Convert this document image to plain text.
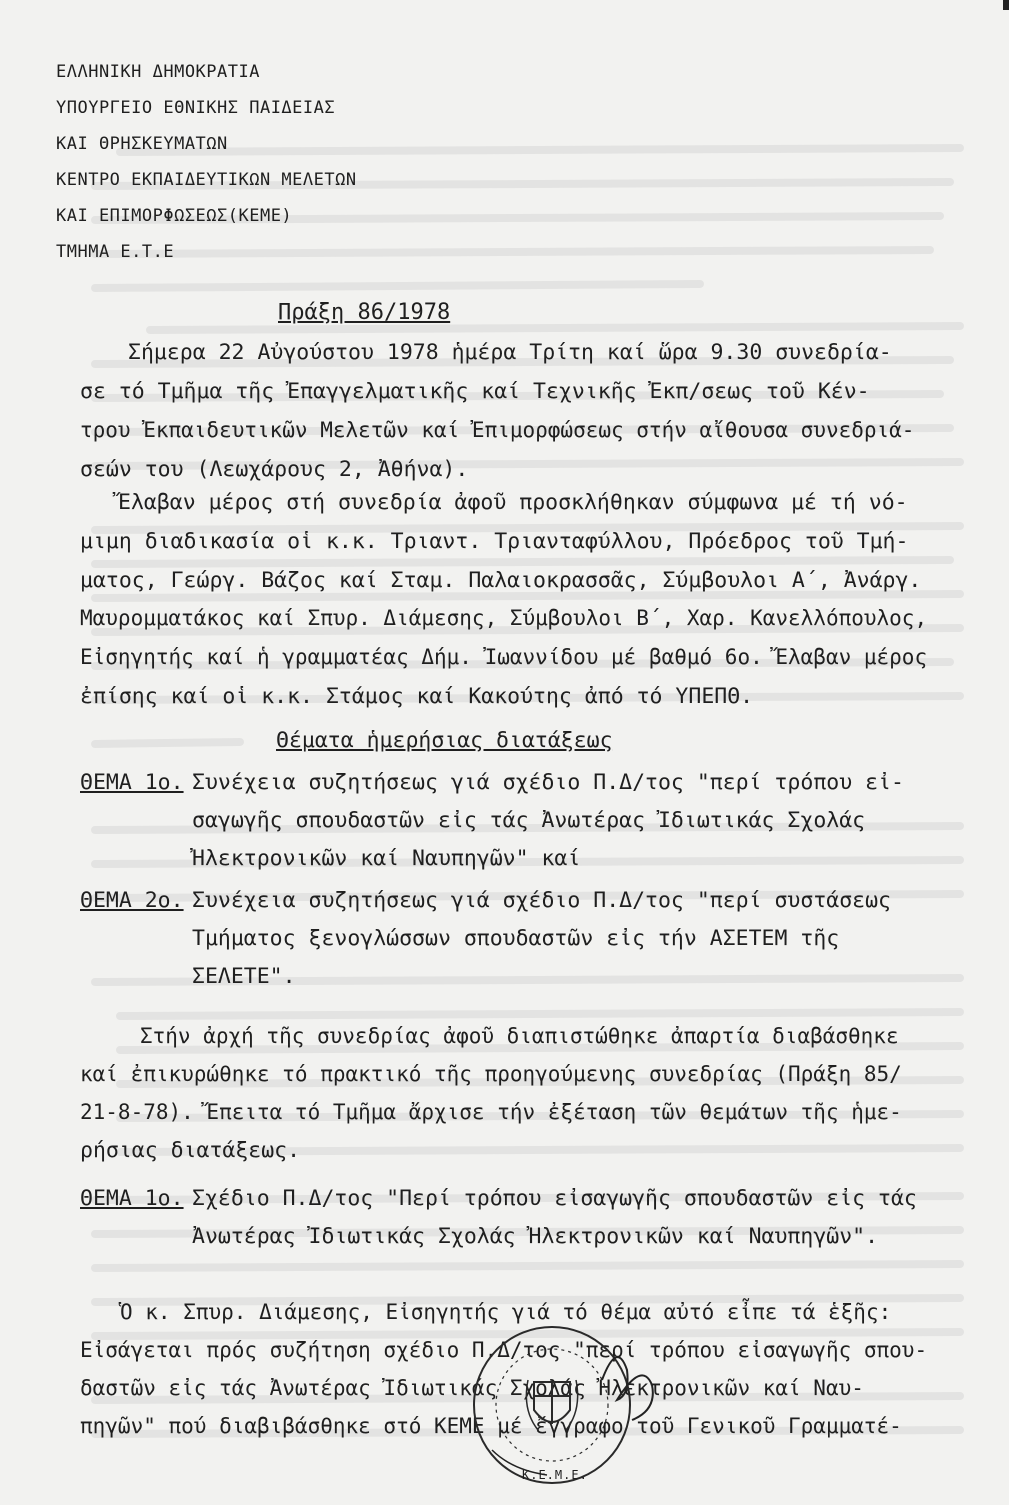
ΕΛΛΗΝΙΚΗ ΔΗΜΟΚΡΑΤΙΑ
ΥΠΟΥΡΓΕΙΟ ΕΘΝΙΚΗΣ ΠΑΙΔΕΙΑΣ
ΚΑΙ ΘΡΗΣΚΕΥΜΑΤΩΝ
ΚΕΝΤΡΟ ΕΚΠΑΙΔΕΥΤΙΚΩΝ ΜΕΛΕΤΩΝ
ΚΑΙ ΕΠΙΜΟΡΦΩΣΕΩΣ(ΚΕΜΕ)
ΤΜΗΜΑ Ε.Τ.Ε
Πράξη 86/1978
Σήμερα 22 Αὐγούστου 1978 ἡμέρα Τρίτη καί ὥρα 9.30 συνεδρία-
σε τό Τμῆμα τῆς Ἐπαγγελματικῆς καί Τεχνικῆς Ἐκπ/σεως τοῦ Κέν-
τρου Ἐκπαιδευτικῶν Μελετῶν καί Ἐπιμορφώσεως στήν αἴθουσα συνεδριά-
σεών του (Λεωχάρους 2, Ἀθήνα).
Ἔλαβαν μέρος στή συνεδρία ἀφοῦ προσκλήθηκαν σύμφωνα μέ τή νό-
μιμη διαδικασία οἱ κ.κ. Τριαντ. Τριανταφύλλου, Πρόεδρος τοῦ Τμή-
ματος, Γεώργ. Βάζος καί Σταμ. Παλαιοκρασσᾶς, Σύμβουλοι Α΄, Ἀνάργ.
Μαυρομματάκος καί Σπυρ. Διάμεσης, Σύμβουλοι Β΄, Χαρ. Κανελλόπουλος,
Εἰσηγητής καί ἡ γραμματέας Δήμ. Ἰωαννίδου μέ βαθμό 6ο. Ἔλαβαν μέρος
ἐπίσης καί οἱ κ.κ. Στάμος καί Κακούτης ἀπό τό ΥΠΕΠΘ.
Θέματα ἡμερήσιας διατάξεως
ΘΕΜΑ 1ο. Συνέχεια συζητήσεως γιά σχέδιο Π.Δ/τος "περί τρόπου εἰ-
σαγωγῆς σπουδαστῶν εἰς τάς Ἀνωτέρας Ἰδιωτικάς Σχολάς
Ἠλεκτρονικῶν καί Ναυπηγῶν" καί
ΘΕΜΑ 2ο. Συνέχεια συζητήσεως γιά σχέδιο Π.Δ/τος "περί συστάσεως
Τμήματος ξενογλώσσων σπουδαστῶν εἰς τήν ΑΣΕΤΕΜ τῆς
ΣΕΛΕΤΕ".
Στήν ἀρχή τῆς συνεδρίας ἀφοῦ διαπιστώθηκε ἀπαρτία διαβάσθηκε
καί ἐπικυρώθηκε τό πρακτικό τῆς προηγούμενης συνεδρίας (Πράξη 85/
21-8-78). Ἔπειτα τό Τμῆμα ἄρχισε τήν ἐξέταση τῶν θεμάτων τῆς ἡμε-
ρήσιας διατάξεως.
ΘΕΜΑ 1ο. Σχέδιο Π.Δ/τος "Περί τρόπου εἰσαγωγῆς σπουδαστῶν εἰς τάς
Ἀνωτέρας Ἰδιωτικάς Σχολάς Ἠλεκτρονικῶν καί Ναυπηγῶν".
Ὁ κ. Σπυρ. Διάμεσης, Εἰσηγητής γιά τό θέμα αὐτό εἶπε τά ἑξῆς:
Εἰσάγεται πρός συζήτηση σχέδιο Π.Δ/τος "περί τρόπου εἰσαγωγῆς σπου-
δαστῶν εἰς τάς Ἀνωτέρας Ἰδιωτικάς Σχολάς Ἠλεκτρονικῶν καί Ναυ-
πηγῶν" πού διαβιβάσθηκε στό ΚΕΜΕ μέ ἔγγραφο τοῦ Γενικοῦ Γραμματέ-
Κ.Ε.Μ.Ε.
